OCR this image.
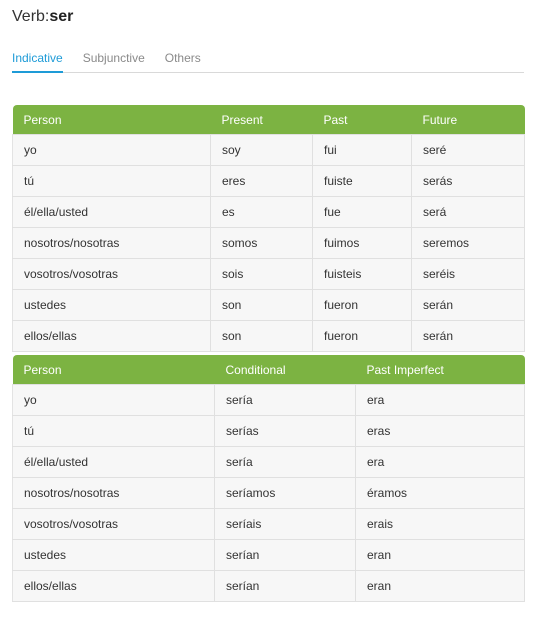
Verb:ser
Indicative Subjunctive Others
Person	Present	Past	Future
yo	soy	fui	seré
tú	eres	fuiste	serás
él/ella/usted	es	fue	será
nosotros/nosotras	somos	fuimos	seremos
vosotros/vosotras	sois	fuisteis	seréis
ustedes	son	fueron	serán
ellos/ellas	son	fueron	serán
Person	Conditional	Past Imperfect
yo	sería	era
tú	serías	eras
él/ella/usted	sería	era
nosotros/nosotras	seríamos	éramos
vosotros/vosotras	seríais	erais
ustedes	serían	eran
ellos/ellas	serían	eran
